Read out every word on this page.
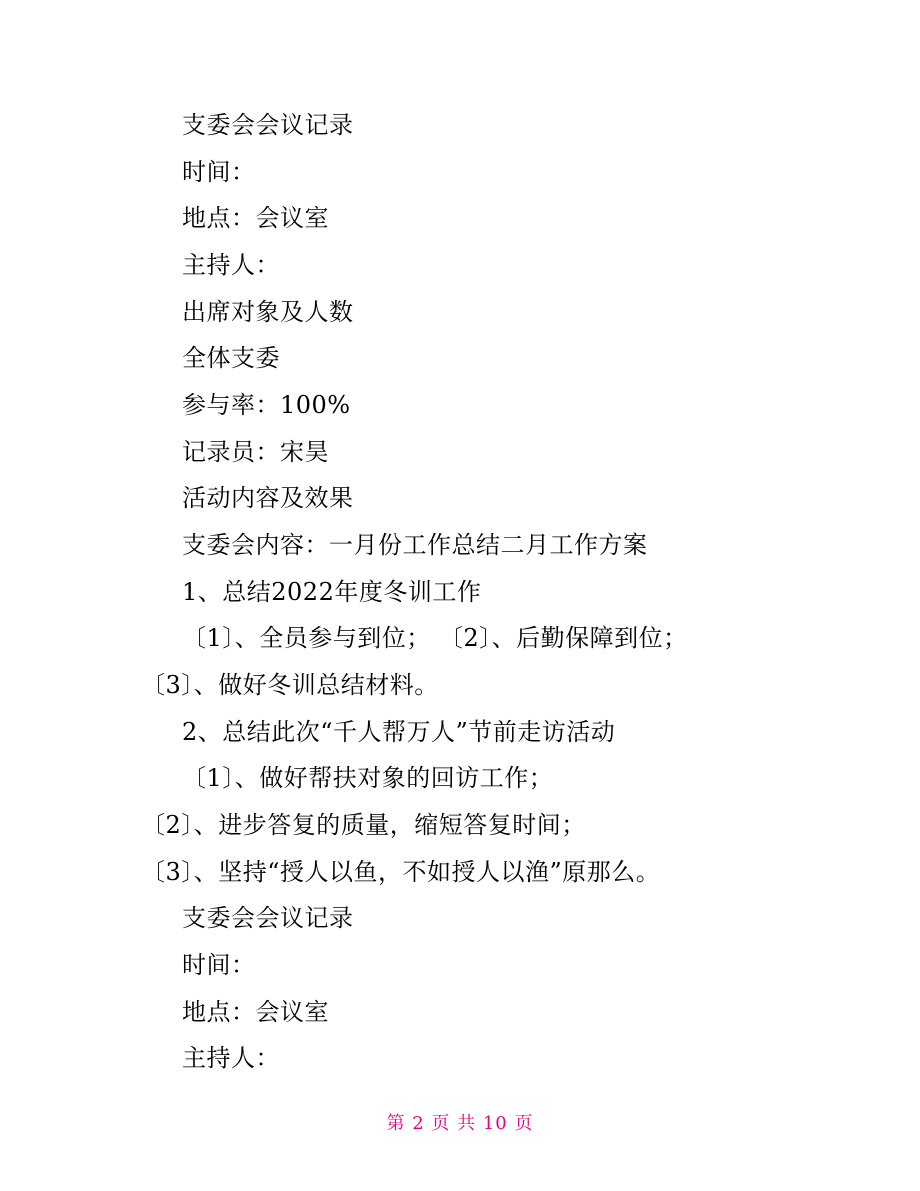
支委会会议记录
时间：
地点：会议室
主持人：
出席对象及人数
全体支委
参与率：100%
记录员：宋昊
活动内容及效果
支委会内容：一月份工作总结二月工作方案
1、总结2022年度冬训工作
〔1〕、全员参与到位； 〔2〕、后勤保障到位；
〔3〕、做好冬训总结材料。
2、总结此次“千人帮万人”节前走访活动
〔1〕、做好帮扶对象的回访工作；
〔2〕、进步答复的质量，缩短答复时间；
〔3〕、坚持“授人以鱼，不如授人以渔”原那么。
支委会会议记录
时间：
地点：会议室
主持人：
第 2 页 共 10 页
